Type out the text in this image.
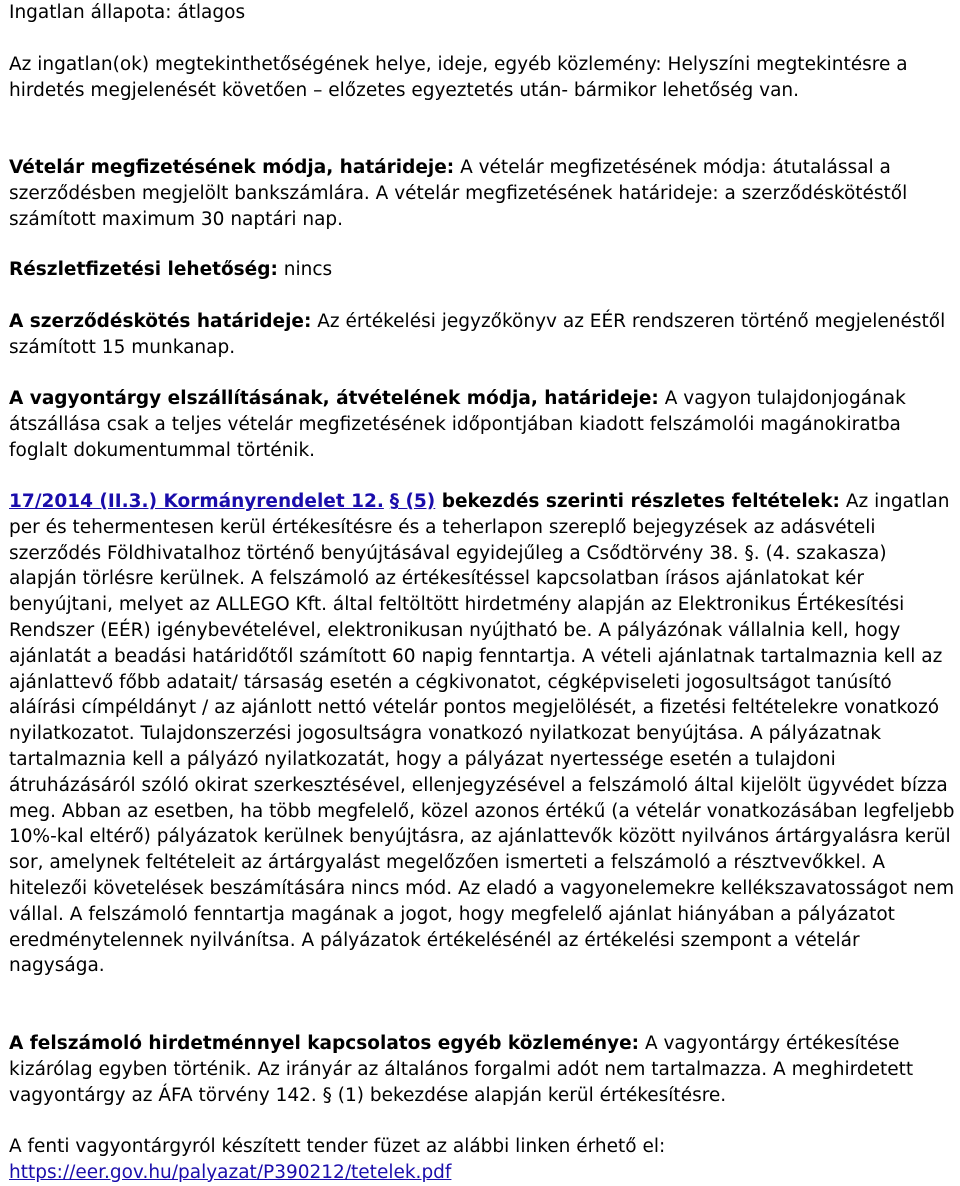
Ingatlan állapota: átlagos

Az ingatlan(ok) megtekinthetőségének helye, ideje, egyéb közlemény: Helyszíni megtekintésre a hirdetés megjelenését követően – előzetes egyeztetés után- bármikor lehetőség van.

Vételár megfizetésének módja, határideje: A vételár megfizetésének módja: átutalással a szerződésben megjelölt bankszámlára. A vételár megfizetésének határideje: a szerződéskötéstől számított maximum 30 naptári nap.

Részletfizetési lehetőség: nincs

A szerződéskötés határideje: Az értékelési jegyzőkönyv az EÉR rendszeren történő megjelenéstől számított 15 munkanap.

A vagyontárgy elszállításának, átvételének módja, határideje: A vagyon tulajdonjogának átszállása csak a teljes vételár megfizetésének időpontjában kiadott felszámolói magánokiratba foglalt dokumentummal történik.

17/2014 (II.3.) Kormányrendelet 12. § (5) bekezdés szerinti részletes feltételek: Az ingatlan per és tehermentesen kerül értékesítésre és a teherlapon szereplő bejegyzések az adásvételi szerződés Földhivatalhoz történő benyújtásával egyidejűleg a Csődtörvény 38. §. (4. szakasza) alapján törlésre kerülnek. A felszámoló az értékesítéssel kapcsolatban írásos ajánlatokat kér benyújtani, melyet az ALLEGO Kft. által feltöltött hirdetmény alapján az Elektronikus Értékesítési Rendszer (EÉR) igénybevételével, elektronikusan nyújtható be. A pályázónak vállalnia kell, hogy ajánlatát a beadási határidőtől számított 60 napig fenntartja. A vételi ajánlatnak tartalmaznia kell az ajánlattevő főbb adatait/ társaság esetén a cégkivonatot, cégképviseleti jogosultságot tanúsító aláírási címpéldányt / az ajánlott nettó vételár pontos megjelölését, a fizetési feltételekre vonatkozó nyilatkozatot. Tulajdonszerzési jogosultságra vonatkozó nyilatkozat benyújtása. A pályázatnak tartalmaznia kell a pályázó nyilatkozatát, hogy a pályázat nyertessége esetén a tulajdoni átruházásáról szóló okirat szerkesztésével, ellenjegyzésével a felszámoló által kijelölt ügyvédet bízza meg. Abban az esetben, ha több megfelelő, közel azonos értékű (a vételár vonatkozásában legfeljebb 10%-kal eltérő) pályázatok kerülnek benyújtásra, az ajánlattevők között nyilvános ártárgyalásra kerül sor, amelynek feltételeit az ártárgyalást megelőzően ismerteti a felszámoló a résztvevőkkel. A hitelezői követelések beszámítására nincs mód. Az eladó a vagyonelemekre kellékszavatosságot nem vállal. A felszámoló fenntartja magának a jogot, hogy megfelelő ajánlat hiányában a pályázatot eredménytelennek nyilvánítsa. A pályázatok értékelésénél az értékelési szempont a vételár nagysága.

A felszámoló hirdetménnyel kapcsolatos egyéb közleménye: A vagyontárgy értékesítése kizárólag egyben történik. Az irányár az általános forgalmi adót nem tartalmazza. A meghirdetett vagyontárgy az ÁFA törvény 142. § (1) bekezdése alapján kerül értékesítésre.

A fenti vagyontárgyról készített tender füzet az alábbi linken érhető el:
https://eer.gov.hu/palyazat/P390212/tetelek.pdf
